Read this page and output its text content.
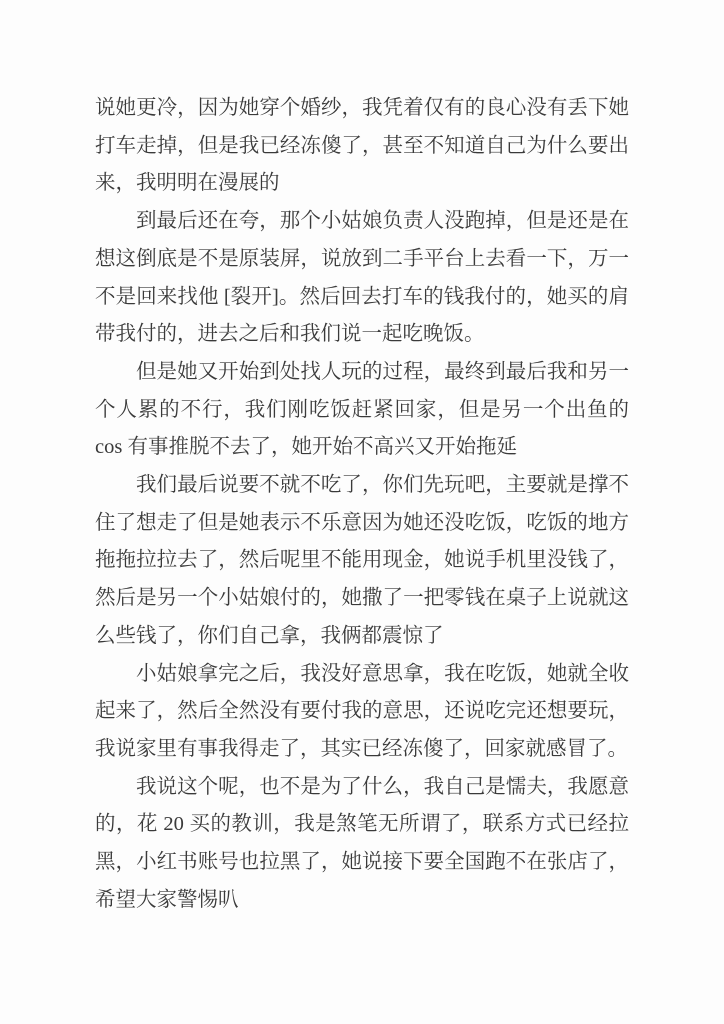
说她更冷，因为她穿个婚纱，我凭着仅有的良心没有丢下她打车走掉，但是我已经冻傻了，甚至不知道自己为什么要出来，我明明在漫展的

到最后还在夸，那个小姑娘负责人没跑掉，但是还是在想这倒底是不是原装屏，说放到二手平台上去看一下，万一不是回来找他 [裂开]。然后回去打车的钱我付的，她买的肩带我付的，进去之后和我们说一起吃晚饭。

但是她又开始到处找人玩的过程，最终到最后我和另一个人累的不行，我们刚吃饭赶紧回家，但是另一个出鱼的cos 有事推脱不去了，她开始不高兴又开始拖延

我们最后说要不就不吃了，你们先玩吧，主要就是撑不住了想走了但是她表示不乐意因为她还没吃饭，吃饭的地方拖拖拉拉去了，然后呢里不能用现金，她说手机里没钱了，然后是另一个小姑娘付的，她撒了一把零钱在桌子上说就这么些钱了，你们自己拿，我俩都震惊了

小姑娘拿完之后，我没好意思拿，我在吃饭，她就全收起来了，然后全然没有要付我的意思，还说吃完还想要玩，我说家里有事我得走了，其实已经冻傻了，回家就感冒了。

我说这个呢，也不是为了什么，我自己是懦夫，我愿意的，花 20 买的教训，我是煞笔无所谓了，联系方式已经拉黑，小红书账号也拉黑了，她说接下要全国跑不在张店了，希望大家警惕叭
